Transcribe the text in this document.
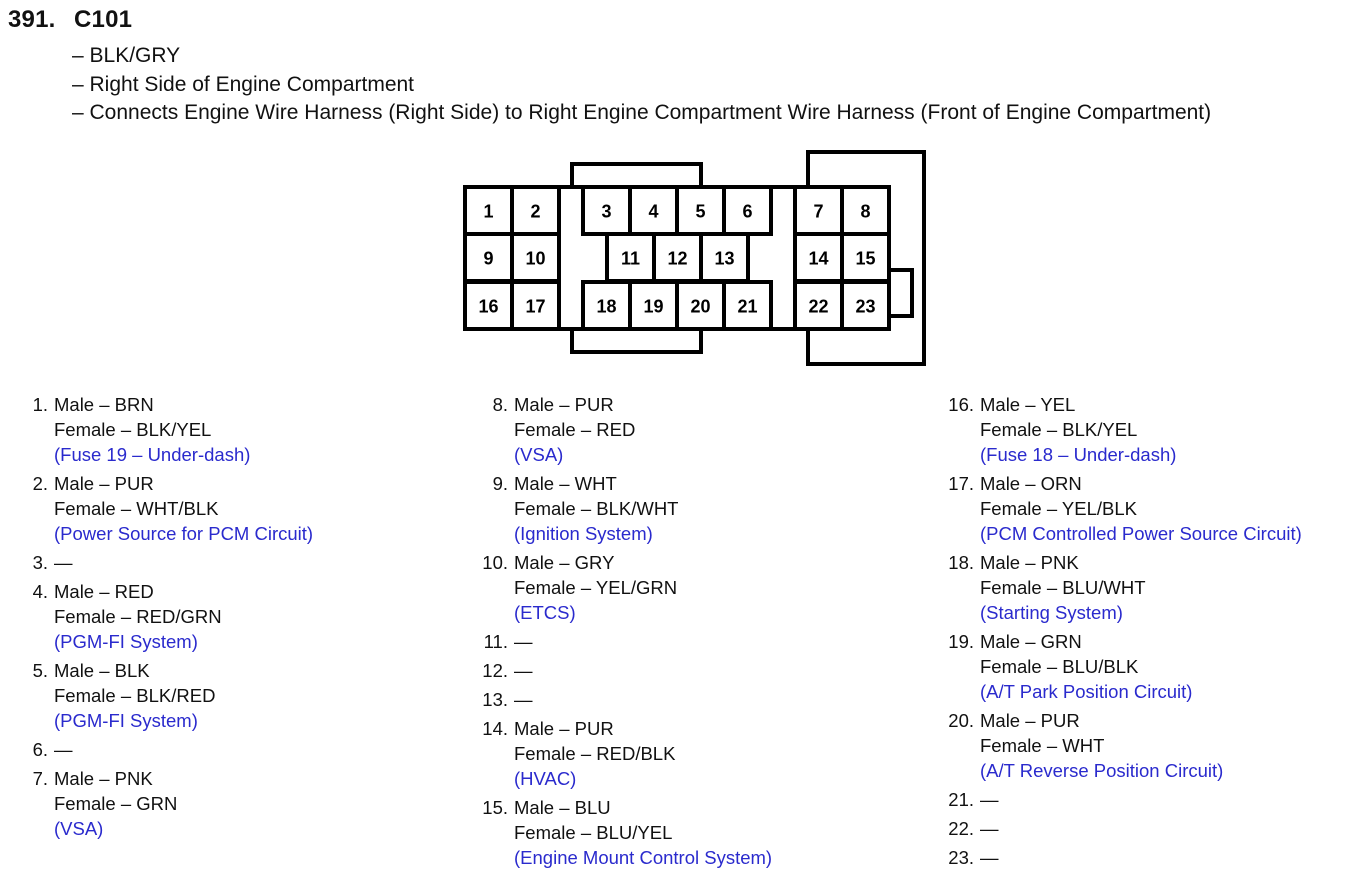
391. C101
– BLK/GRY
– Right Side of Engine Compartment
– Connects Engine Wire Harness (Right Side) to Right Engine Compartment Wire Harness (Front of Engine Compartment)
1 2	3 4 5 6	7 8
9 10	11 12 13	14 15
16 17	18 19 20 21	22 23
1. Male – BRN
Female – BLK/YEL
(Fuse 19 – Under-dash)
2. Male – PUR
Female – WHT/BLK
(Power Source for PCM Circuit)
3. —
4. Male – RED
Female – RED/GRN
(PGM-FI System)
5. Male – BLK
Female – BLK/RED
(PGM-FI System)
6. —
7. Male – PNK
Female – GRN
(VSA)
8. Male – PUR
Female – RED
(VSA)
9. Male – WHT
Female – BLK/WHT
(Ignition System)
10. Male – GRY
Female – YEL/GRN
(ETCS)
11. —
12. —
13. —
14. Male – PUR
Female – RED/BLK
(HVAC)
15. Male – BLU
Female – BLU/YEL
(Engine Mount Control System)
16. Male – YEL
Female – BLK/YEL
(Fuse 18 – Under-dash)
17. Male – ORN
Female – YEL/BLK
(PCM Controlled Power Source Circuit)
18. Male – PNK
Female – BLU/WHT
(Starting System)
19. Male – GRN
Female – BLU/BLK
(A/T Park Position Circuit)
20. Male – PUR
Female – WHT
(A/T Reverse Position Circuit)
21. —
22. —
23. —
